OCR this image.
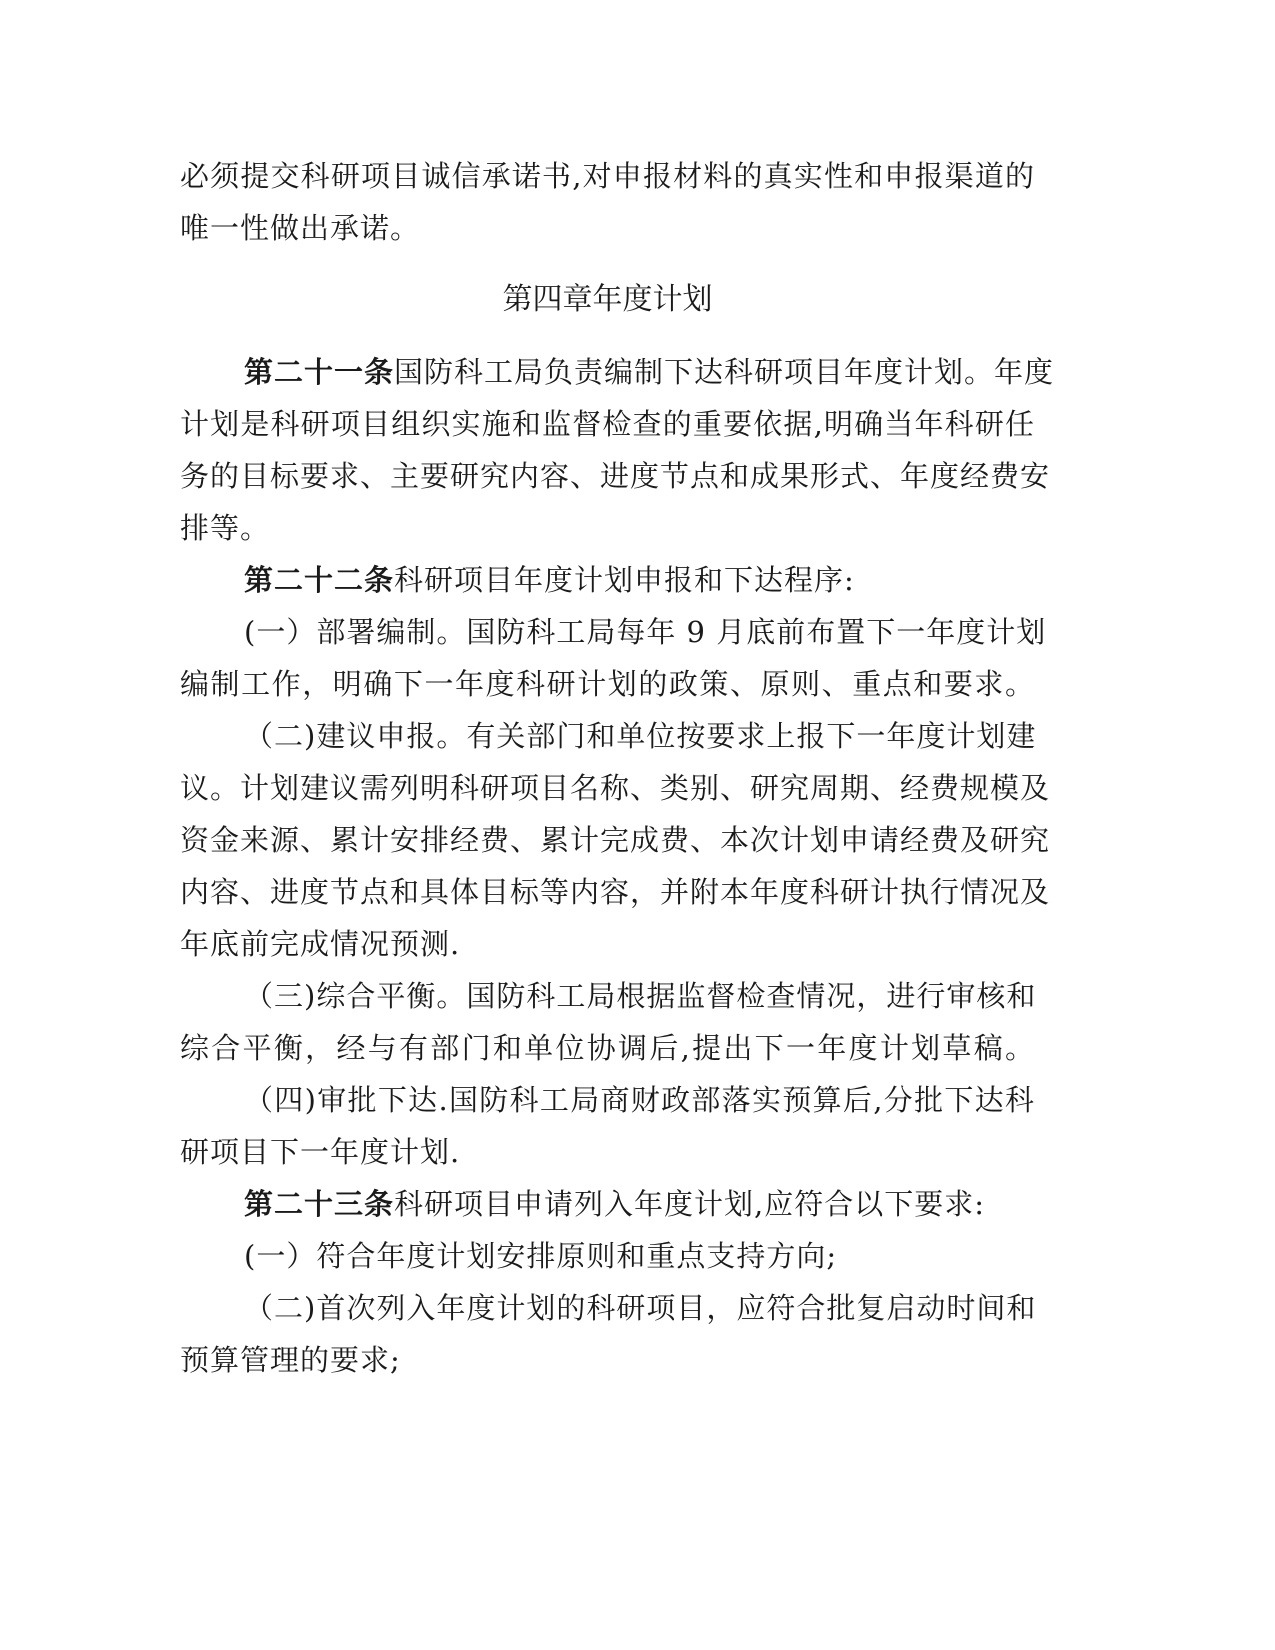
必须提交科研项目诚信承诺书,对申报材料的真实性和申报渠道的
唯一性做出承诺。
第四章年度计划
第二十一条国防科工局负责编制下达科研项目年度计划。年度
计划是科研项目组织实施和监督检查的重要依据,明确当年科研任
务的目标要求、主要研究内容、进度节点和成果形式、年度经费安
排等。
第二十二条科研项目年度计划申报和下达程序:
(一）部署编制。国防科工局每年 9 月底前布置下一年度计划
编制工作，明确下一年度科研计划的政策、原则、重点和要求。
（二)建议申报。有关部门和单位按要求上报下一年度计划建
议。计划建议需列明科研项目名称、类别、研究周期、经费规模及
资金来源、累计安排经费、累计完成费、本次计划申请经费及研究
内容、进度节点和具体目标等内容，并附本年度科研计执行情况及
年底前完成情况预测.
（三)综合平衡。国防科工局根据监督检查情况，进行审核和
综合平衡，经与有部门和单位协调后,提出下一年度计划草稿。
（四)审批下达.国防科工局商财政部落实预算后,分批下达科
研项目下一年度计划.
第二十三条科研项目申请列入年度计划,应符合以下要求:
(一）符合年度计划安排原则和重点支持方向;
（二)首次列入年度计划的科研项目，应符合批复启动时间和
预算管理的要求;
